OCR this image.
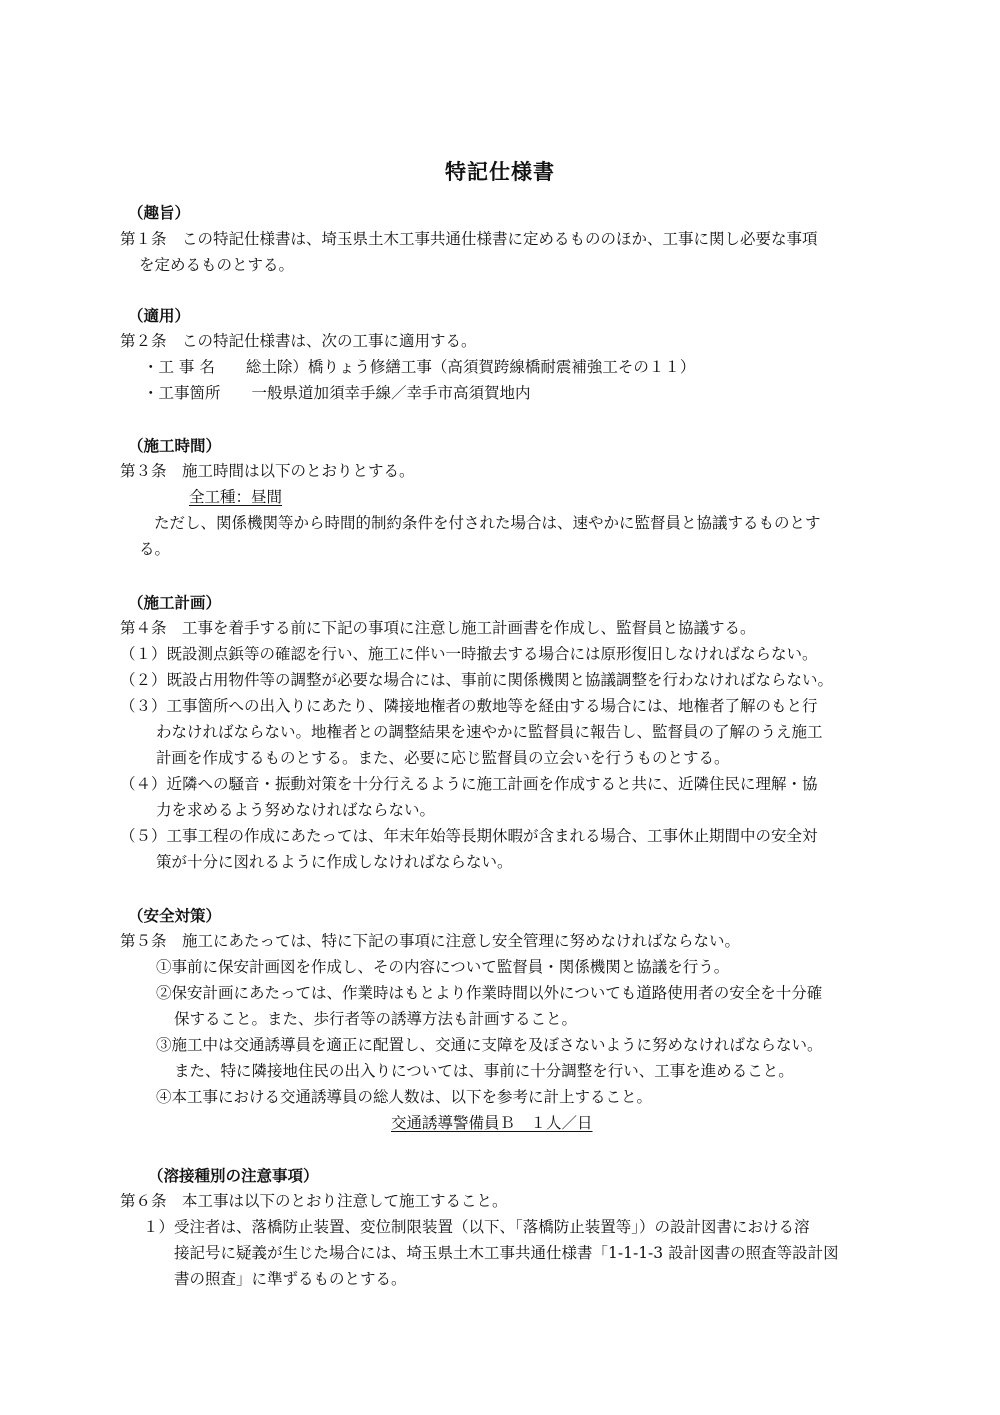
特記仕様書
（趣旨）
第１条　この特記仕様書は、埼玉県土木工事共通仕様書に定めるもののほか、工事に関し必要な事項
を定めるものとする。
（適用）
第２条　この特記仕様書は、次の工事に適用する。
・工 事 名　　総土除）橋りょう修繕工事（高須賀跨線橋耐震補強工その１１）
・工事箇所　　一般県道加須幸手線／幸手市高須賀地内
（施工時間）
第３条　施工時間は以下のとおりとする。
全工種：昼間
ただし、関係機関等から時間的制約条件を付された場合は、速やかに監督員と協議するものとす
る。
（施工計画）
第４条　工事を着手する前に下記の事項に注意し施工計画書を作成し、監督員と協議する。
（１）既設測点鋲等の確認を行い、施工に伴い一時撤去する場合には原形復旧しなければならない。
（２）既設占用物件等の調整が必要な場合には、事前に関係機関と協議調整を行わなければならない。
（３）工事箇所への出入りにあたり、隣接地権者の敷地等を経由する場合には、地権者了解のもと行
わなければならない。地権者との調整結果を速やかに監督員に報告し、監督員の了解のうえ施工
計画を作成するものとする。また、必要に応じ監督員の立会いを行うものとする。
（４）近隣への騒音・振動対策を十分行えるように施工計画を作成すると共に、近隣住民に理解・協
力を求めるよう努めなければならない。
（５）工事工程の作成にあたっては、年末年始等長期休暇が含まれる場合、工事休止期間中の安全対
策が十分に図れるように作成しなければならない。
（安全対策）
第５条　施工にあたっては、特に下記の事項に注意し安全管理に努めなければならない。
①事前に保安計画図を作成し、その内容について監督員・関係機関と協議を行う。
②保安計画にあたっては、作業時はもとより作業時間以外についても道路使用者の安全を十分確
保すること。また、歩行者等の誘導方法も計画すること。
③施工中は交通誘導員を適正に配置し、交通に支障を及ぼさないように努めなければならない。
また、特に隣接地住民の出入りについては、事前に十分調整を行い、工事を進めること。
④本工事における交通誘導員の総人数は、以下を参考に計上すること。
交通誘導警備員Ｂ　１人／日
（溶接種別の注意事項）
第６条　本工事は以下のとおり注意して施工すること。
１）受注者は、落橋防止装置、変位制限装置（以下、「落橋防止装置等」）の設計図書における溶
接記号に疑義が生じた場合には、埼玉県土木工事共通仕様書「1-1-1-3 設計図書の照査等設計図
書の照査」に準ずるものとする。
